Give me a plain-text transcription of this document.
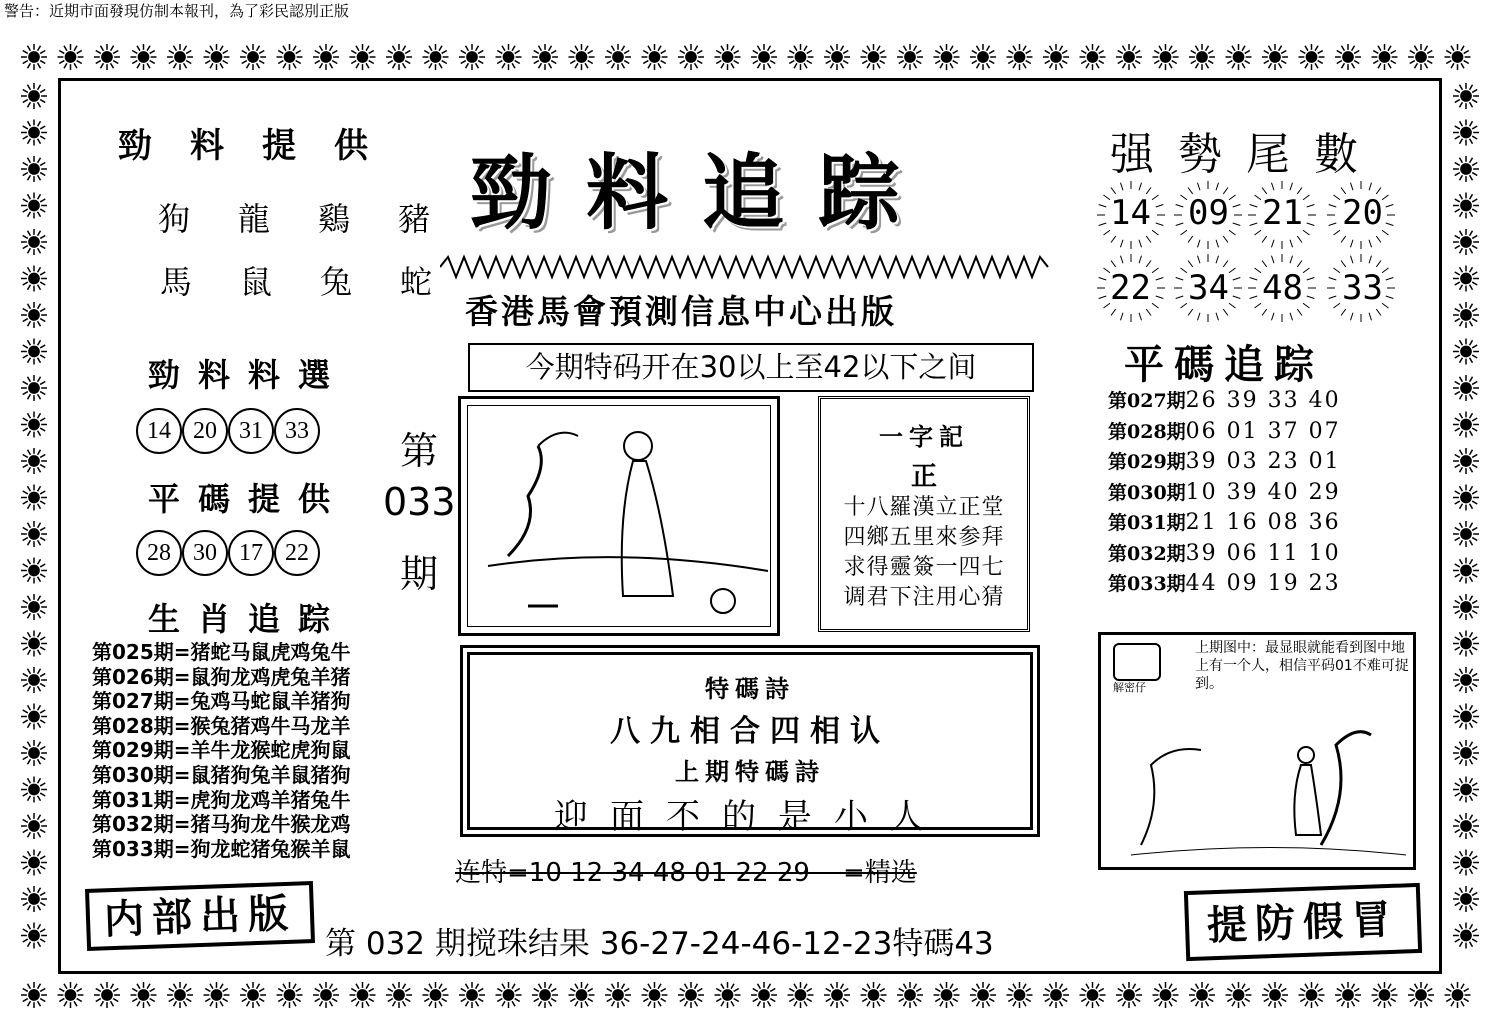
警告：近期市面發現仿制本報刊，為了彩民認別正版
勁料提供
狗龍鷄豬
馬鼠兔蛇
勁料料選
14 20 31 33
平碼提供
28 30 17 22
生肖追踪
第025期=猪蛇马鼠虎鸡兔牛
第026期=鼠狗龙鸡虎兔羊猪
第027期=兔鸡马蛇鼠羊猪狗
第028期=猴兔猪鸡牛马龙羊
第029期=羊牛龙猴蛇虎狗鼠
第030期=鼠猪狗兔羊鼠猪狗
第031期=虎狗龙鸡羊猪兔牛
第032期=猪马狗龙牛猴龙鸡
第033期=狗龙蛇猪兔猴羊鼠
第
033
期
勁料追踪
香港馬會預測信息中心出版
今期特码开在30以上至42以下之间
一字記
正
十八羅漢立正堂
四鄉五里來参拜
求得靈簽一四七
调君下注用心猜
特碼詩
八九相合四相认
上期特碼詩
迎面不的是小人
连特=10 12 34 48 01 22 29    =精选
第 032 期搅珠结果 36-27-24-46-12-23特碼43
强勢尾數
14 09 21 20
22 34 48 33
平碼追踪
第027期26 39 33 40
第028期06 01 37 07
第029期39 03 23 01
第030期10 39 40 29
第031期21 16 08 36
第032期39 06 11 10
第033期44 09 19 23
解密仔
上期图中：最显眼就能看到图中地上有一个人，相信平码01不难可捉到。
内部出版	提防假冒
